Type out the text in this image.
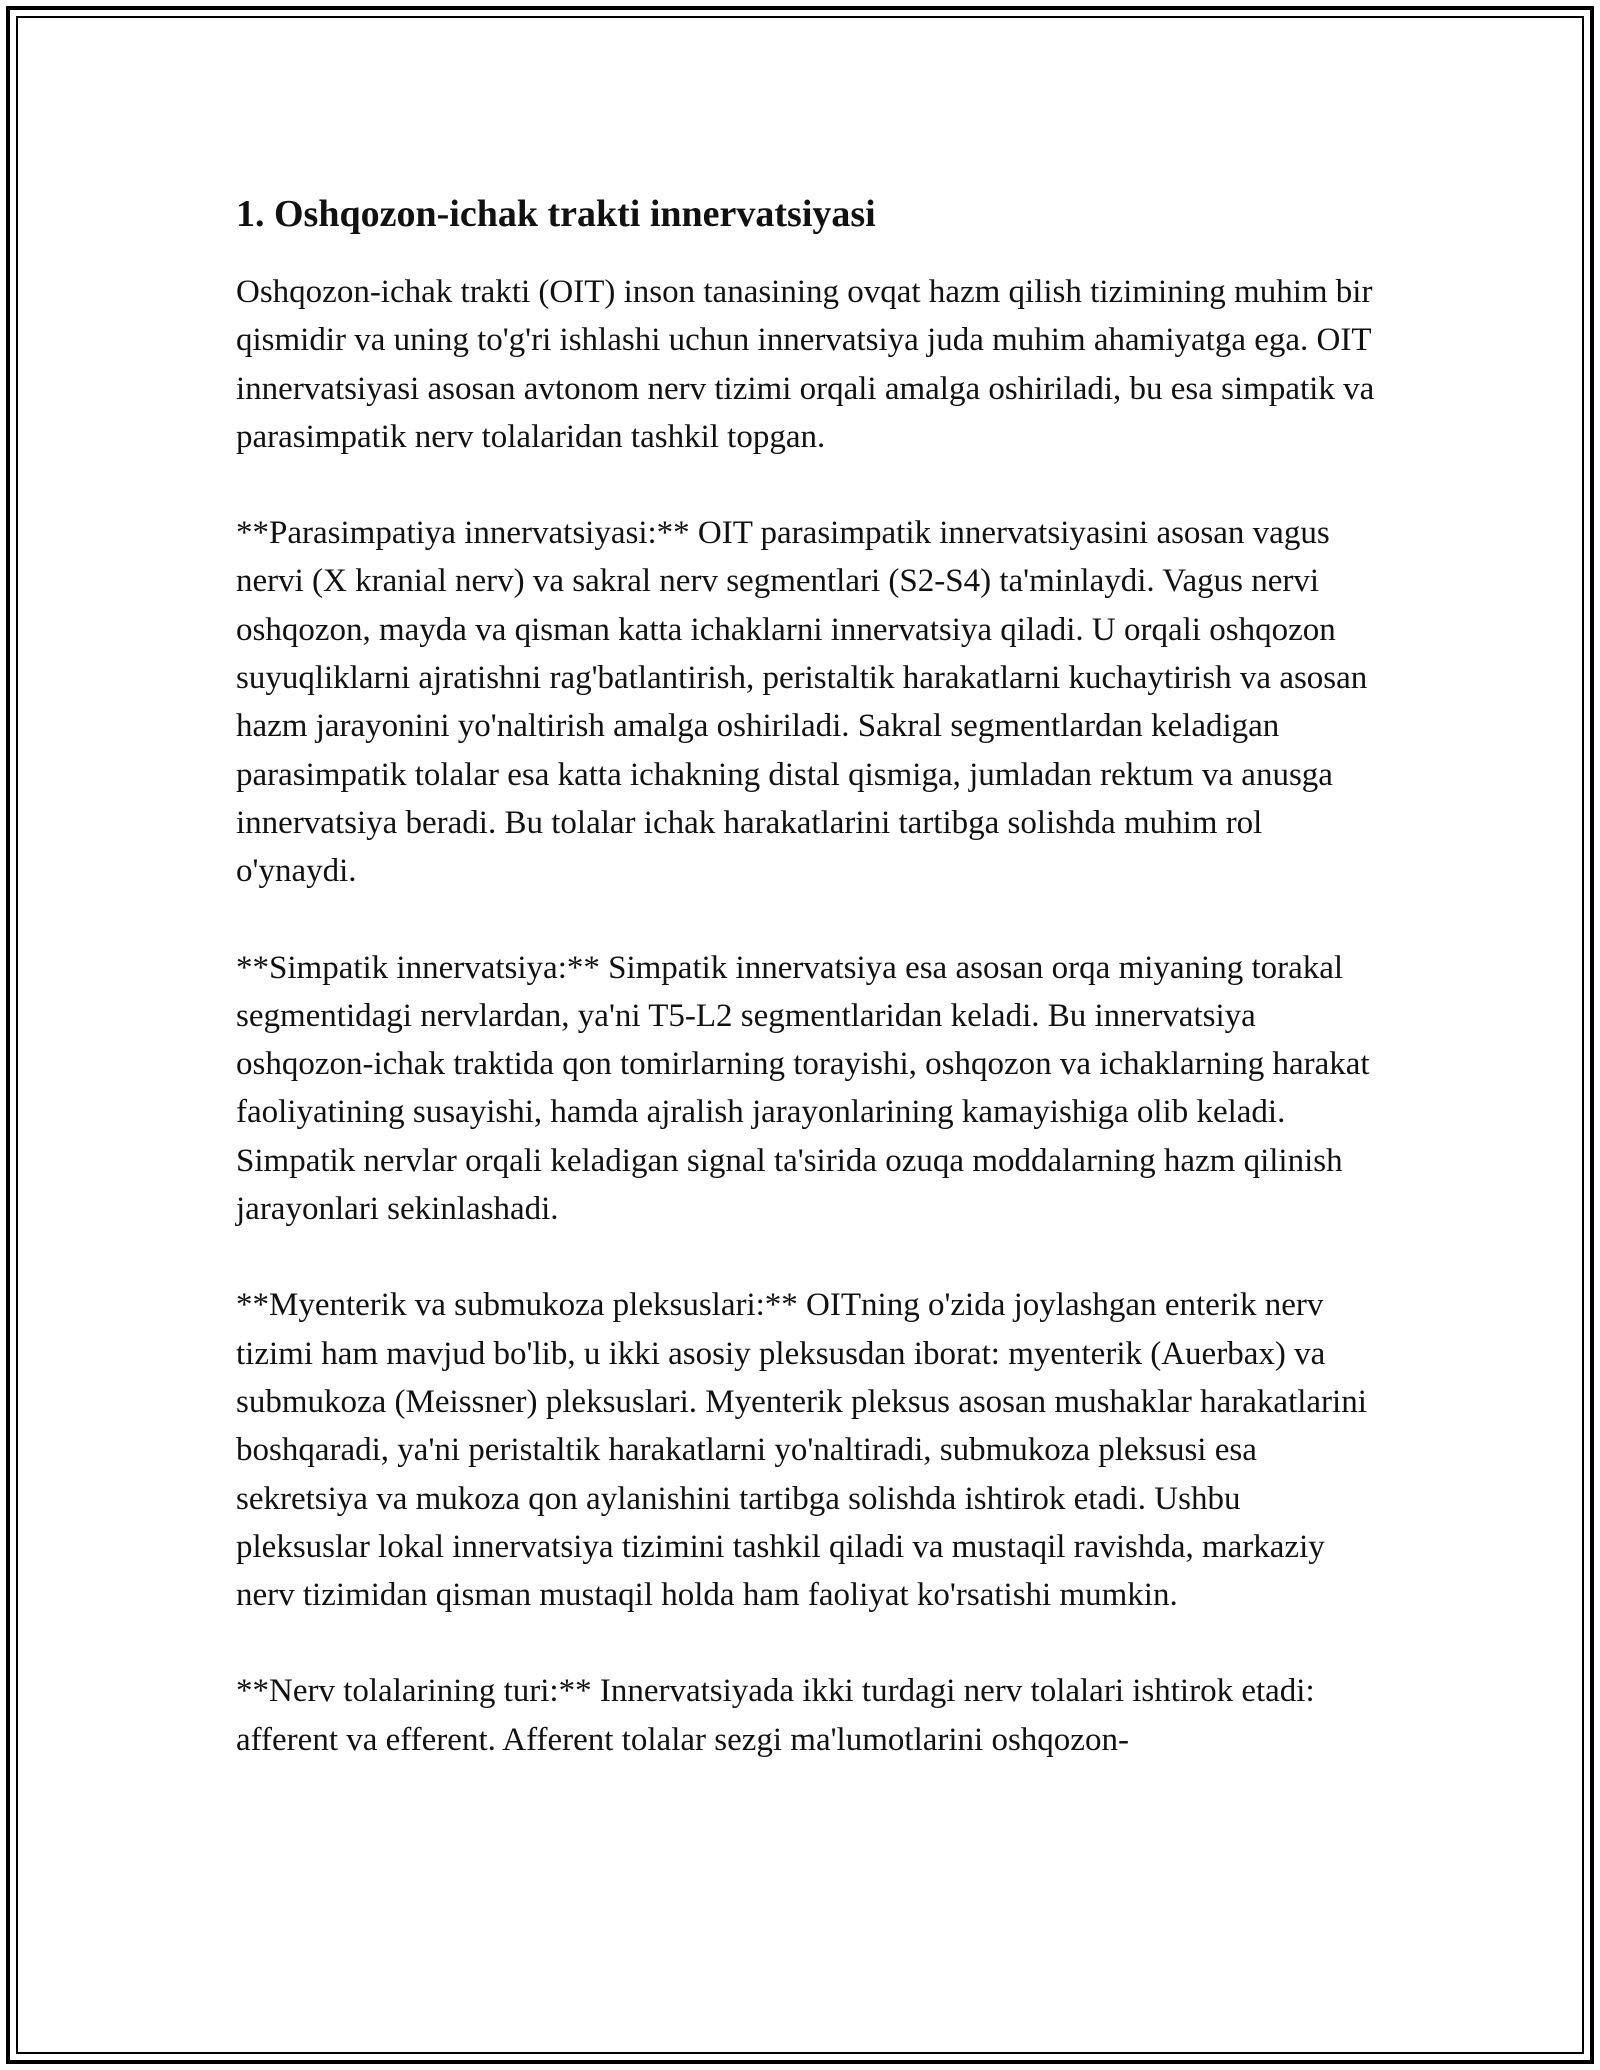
1. Oshqozon-ichak trakti innervatsiyasi

Oshqozon-ichak trakti (OIT) inson tanasining ovqat hazm qilish tizimining muhim bir qismidir va uning to'g'ri ishlashi uchun innervatsiya juda muhim ahamiyatga ega. OIT innervatsiyasi asosan avtonom nerv tizimi orqali amalga oshiriladi, bu esa simpatik va parasimpatik nerv tolalaridan tashkil topgan.

**Parasimpatiya innervatsiyasi:** OIT parasimpatik innervatsiyasini asosan vagus nervi (X kranial nerv) va sakral nerv segmentlari (S2-S4) ta'minlaydi. Vagus nervi oshqozon, mayda va qisman katta ichaklarni innervatsiya qiladi. U orqali oshqozon suyuqliklarni ajratishni rag'batlantirish, peristaltik harakatlarni kuchaytirish va asosan hazm jarayonini yo'naltirish amalga oshiriladi. Sakral segmentlardan keladigan parasimpatik tolalar esa katta ichakning distal qismiga, jumladan rektum va anusga innervatsiya beradi. Bu tolalar ichak harakatlarini tartibga solishda muhim rol o'ynaydi.

**Simpatik innervatsiya:** Simpatik innervatsiya esa asosan orqa miyaning torakal segmentidagi nervlardan, ya'ni T5-L2 segmentlaridan keladi. Bu innervatsiya oshqozon-ichak traktida qon tomirlarning torayishi, oshqozon va ichaklarning harakat faoliyatining susayishi, hamda ajralish jarayonlarining kamayishiga olib keladi. Simpatik nervlar orqali keladigan signal ta'sirida ozuqa moddalarning hazm qilinish jarayonlari sekinlashadi.

**Myenterik va submukoza pleksuslari:** OITning o'zida joylashgan enterik nerv tizimi ham mavjud bo'lib, u ikki asosiy pleksusdan iborat: myenterik (Auerbax) va submukoza (Meissner) pleksuslari. Myenterik pleksus asosan mushaklar harakatlarini boshqaradi, ya'ni peristaltik harakatlarni yo'naltiradi, submukoza pleksusi esa sekretsiya va mukoza qon aylanishini tartibga solishda ishtirok etadi. Ushbu pleksuslar lokal innervatsiya tizimini tashkil qiladi va mustaqil ravishda, markaziy nerv tizimidan qisman mustaqil holda ham faoliyat ko'rsatishi mumkin.

**Nerv tolalarining turi:** Innervatsiyada ikki turdagi nerv tolalari ishtirok etadi: afferent va efferent. Afferent tolalar sezgi ma'lumotlarini oshqozon-
